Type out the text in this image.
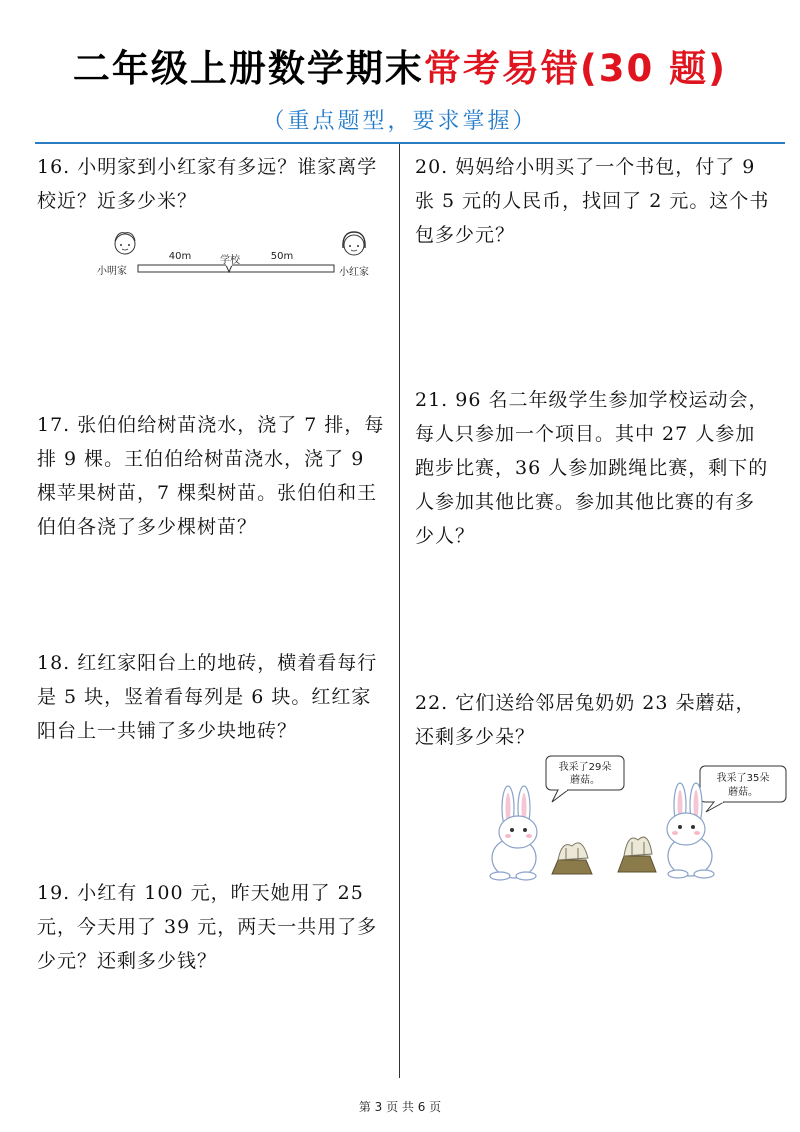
二年级上册数学期末常考易错(30 题)
（重点题型，要求掌握）
16. 小明家到小红家有多远？谁家离学校近？近多少米？
40m	学校	50m
小明家	小红家
17. 张伯伯给树苗浇水，浇了 7 排，每排 9 棵。王伯伯给树苗浇水，浇了 9 棵苹果树苗，7 棵梨树苗。张伯伯和王伯伯各浇了多少棵树苗？
18. 红红家阳台上的地砖，横着看每行是 5 块，竖着看每列是 6 块。红红家阳台上一共铺了多少块地砖？
19. 小红有 100 元，昨天她用了 25 元，今天用了 39 元，两天一共用了多少元？还剩多少钱？
20. 妈妈给小明买了一个书包，付了 9 张 5 元的人民币，找回了 2 元。这个书包多少元？
21. 96 名二年级学生参加学校运动会，每人只参加一个项目。其中 27 人参加跑步比赛，36 人参加跳绳比赛，剩下的人参加其他比赛。参加其他比赛的有多少人？
22. 它们送给邻居兔奶奶 23 朵蘑菇，还剩多少朵？
我采了29朵
蘑菇。	我采了35朵
蘑菇。
第 3 页 共 6 页
